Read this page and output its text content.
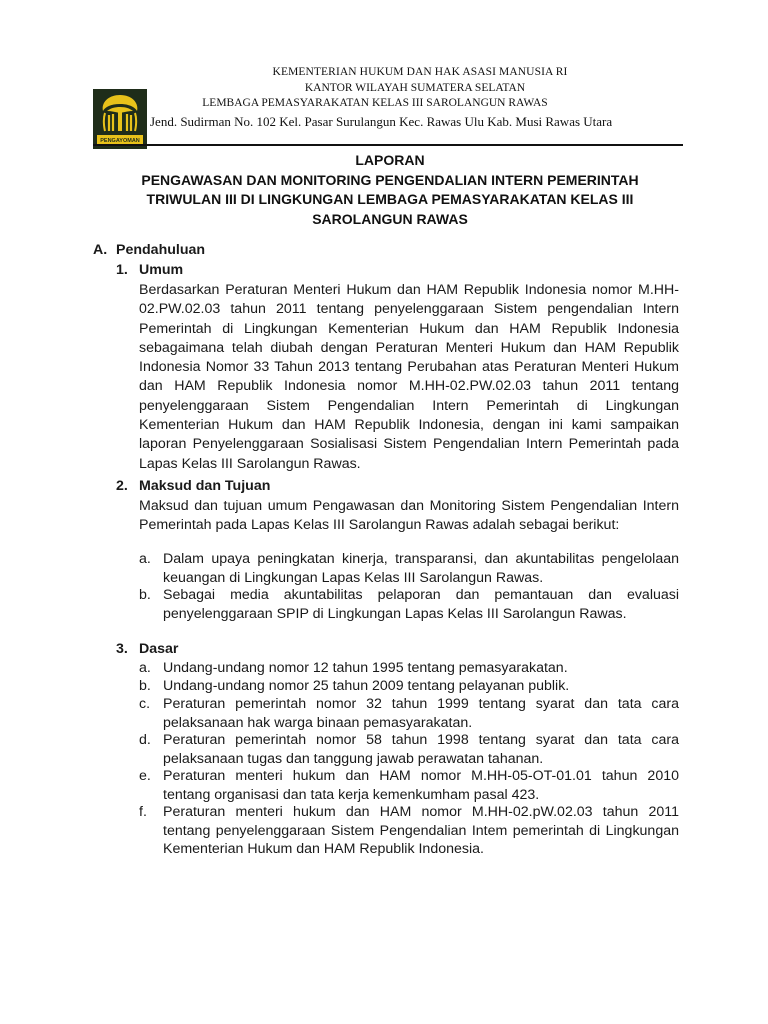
PENGAYOMAN
KEMENTERIAN HUKUM DAN HAK ASASI MANUSIA RI
KANTOR WILAYAH SUMATERA SELATAN
LEMBAGA PEMASYARAKATAN KELAS III SAROLANGUN RAWAS
Jend. Sudirman No. 102 Kel. Pasar Surulangun Kec. Rawas Ulu Kab. Musi Rawas Utara
LAPORAN
PENGAWASAN DAN MONITORING PENGENDALIAN INTERN PEMERINTAH
TRIWULAN III DI LINGKUNGAN LEMBAGA PEMASYARAKATAN KELAS III
SAROLANGUN RAWAS
A. Pendahuluan
1. Umum
Berdasarkan Peraturan Menteri Hukum dan HAM Republik Indonesia nomor M.HH-02.PW.02.03 tahun 2011 tentang penyelenggaraan Sistem pengendalian Intern Pemerintah di Lingkungan Kementerian Hukum dan HAM Republik Indonesia sebagaimana telah diubah dengan Peraturan Menteri Hukum dan HAM Republik Indonesia Nomor 33 Tahun 2013 tentang Perubahan atas Peraturan Menteri Hukum dan HAM Republik Indonesia nomor M.HH-02.PW.02.03 tahun 2011 tentang penyelenggaraan Sistem Pengendalian Intern Pemerintah di Lingkungan Kementerian Hukum dan HAM Republik Indonesia, dengan ini kami sampaikan laporan Penyelenggaraan Sosialisasi Sistem Pengendalian Intern Pemerintah pada Lapas Kelas III Sarolangun Rawas.
2. Maksud dan Tujuan
Maksud dan tujuan umum Pengawasan dan Monitoring Sistem Pengendalian Intern Pemerintah pada Lapas Kelas III Sarolangun Rawas adalah sebagai berikut:
a. Dalam upaya peningkatan kinerja, transparansi, dan akuntabilitas pengelolaan keuangan di Lingkungan Lapas Kelas III Sarolangun Rawas.
b. Sebagai media akuntabilitas pelaporan dan pemantauan dan evaluasi penyelenggaraan SPIP di Lingkungan Lapas Kelas III Sarolangun Rawas.
3. Dasar
a. Undang-undang nomor 12 tahun 1995 tentang pemasyarakatan.
b. Undang-undang nomor 25 tahun 2009 tentang pelayanan publik.
c. Peraturan pemerintah nomor 32 tahun 1999 tentang syarat dan tata cara pelaksanaan hak warga binaan pemasyarakatan.
d. Peraturan pemerintah nomor 58 tahun 1998 tentang syarat dan tata cara pelaksanaan tugas dan tanggung jawab perawatan tahanan.
e. Peraturan menteri hukum dan HAM nomor M.HH-05-OT-01.01 tahun 2010 tentang organisasi dan tata kerja kemenkumham pasal 423.
f. Peraturan menteri hukum dan HAM nomor M.HH-02.pW.02.03 tahun 2011 tentang penyelenggaraan Sistem Pengendalian Intem pemerintah di Lingkungan Kementerian Hukum dan HAM Republik Indonesia.
